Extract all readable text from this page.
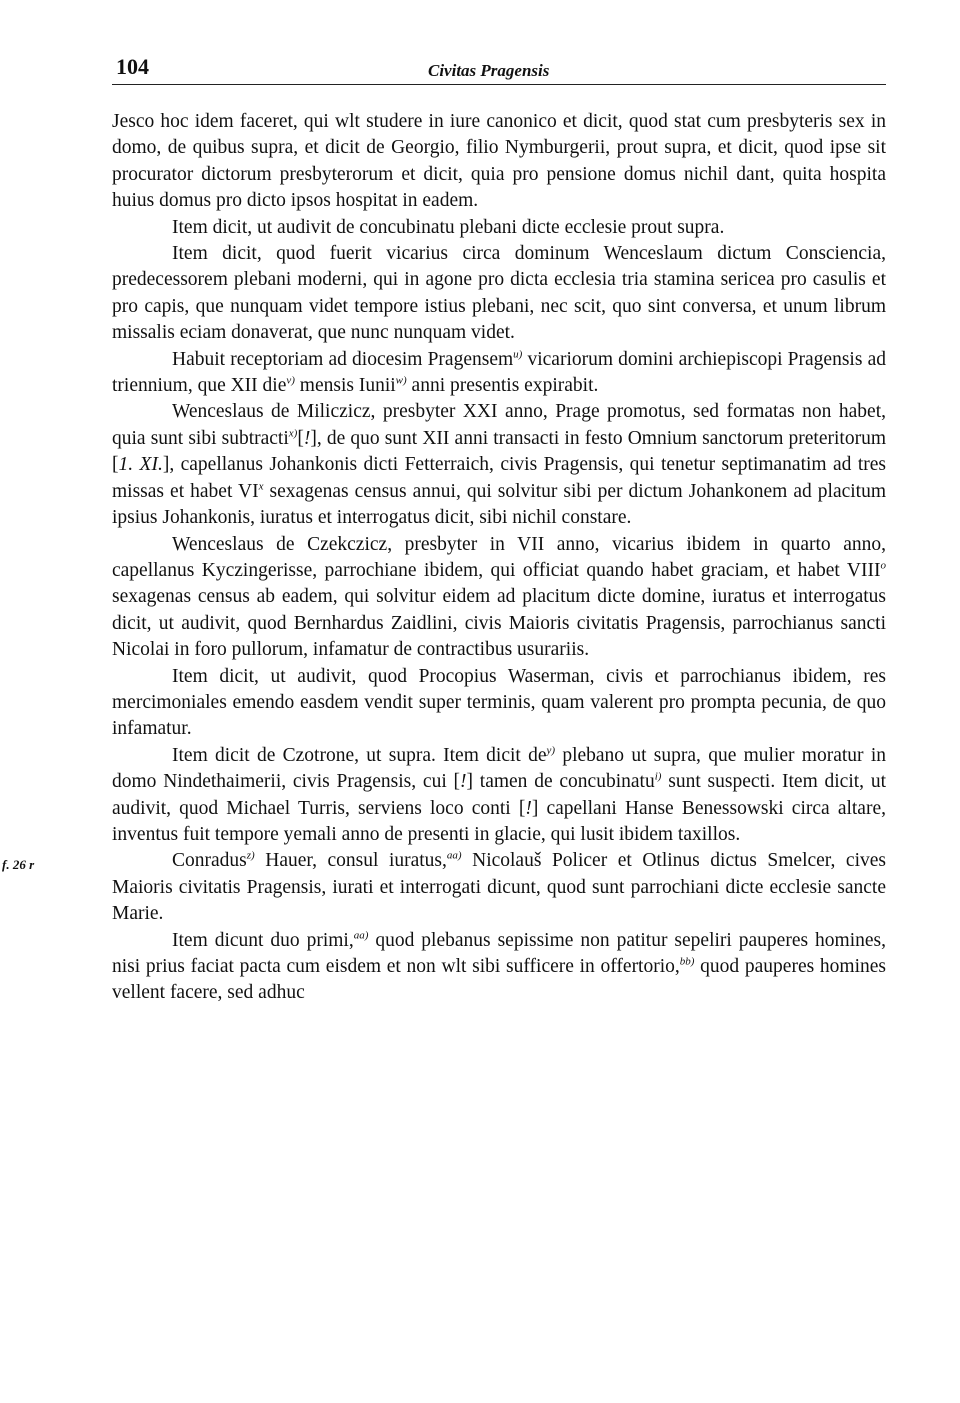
104	Civitas Pragensis

Jesco hoc idem faceret, qui wlt studere in iure canonico et dicit, quod stat cum presbyteris sex in domo, de quibus supra, et dicit de Georgio, filio Nymburgerii, prout supra, et dicit, quod ipse sit procurator dictorum presbyterorum et dicit, quia pro pensione domus nichil dant, quita hospita huius domus pro dicto ipsos hospitat in eadem.

Item dicit, ut audivit de concubinatu plebani dicte ecclesie prout supra.

Item dicit, quod fuerit vicarius circa dominum Wenceslaum dictum Consciencia, predecessorem plebani moderni, qui in agone pro dicta ecclesia tria stamina sericea pro casulis et pro capis, que nunquam videt tempore istius plebani, nec scit, quo sint conversa, et unum librum missalis eciam donaverat, que nunc nunquam videt.

Habuit receptoriam ad diocesim Pragensem$^{u)}$ vicariorum domini archiepiscopi Pragensis ad triennium, que XII die$^{v)}$ mensis Iunii$^{w)}$ anni presentis expirabit.

Wenceslaus de Miliczicz, presbyter XXI anno, Prage promotus, sed formatas non habet, quia sunt sibi subtracti$^{x)}$[!], de quo sunt XII anni transacti in festo Omnium sanctorum preteritorum [1. XI.], capellanus Johankonis dicti Fetterraich, civis Pragensis, qui tenetur septimanatim ad tres missas et habet $VI^x$ sexagenas census annui, qui solvitur sibi per dictum Johankonem ad placitum ipsius Johankonis, iuratus et interrogatus dicit, sibi nichil constare.

Wenceslaus de Czekczicz, presbyter in VII anno, vicarius ibidem in quarto anno, capellanus Kyczingerisse, parrochiane ibidem, qui officiat quando habet graciam, et habet VIII$^o$ sexagenas census ab eadem, qui solvitur eidem ad placitum dicte domine, iuratus et interrogatus dicit, ut audivit, quod Bernhardus Zaidlini, civis Maioris civitatis Pragensis, parrochianus sancti Nicolai in foro pullorum, infamatur de contractibus usurariis.

Item dicit, ut audivit, quod Procopius Waserman, civis et parrochianus ibidem, res mercimoniales emendo easdem vendit super terminis, quam valerent pro prompta pecunia, de quo infamatur.

Item dicit de Czotrone, ut supra. Item dicit $de^{y)}$ plebano ut supra, que mulier moratur in domo Nindethaimerii, civis Pragensis, cui [!] tamen de concubinatu$^{i)}$ sunt suspecti. Item dicit, ut audivit, quod Michael Turris, serviens loco conti [!] capellani Hanse Benessowski circa altare, inventus fuit tempore yemali anno de presenti in glacie, qui lusit ibidem taxillos.

f. 26 r	Conradus$^{z)}$ Hauer, consul iuratus,$^{aa)}$ Nicolauš Policer et Otlinus dictus Smelcer, cives Maioris civitatis Pragensis, iurati et interrogati dicunt, quod sunt parrochiani dicte ecclesie sancte Marie.

Item dicunt duo primi,$^{aa)}$ quod plebanus sepissime non patitur sepeliri pauperes homines, nisi prius faciat pacta cum eisdem et non wlt sibi sufficere in offertorio,$^{bb)}$ quod pauperes homines vellent facere, sed adhuc
